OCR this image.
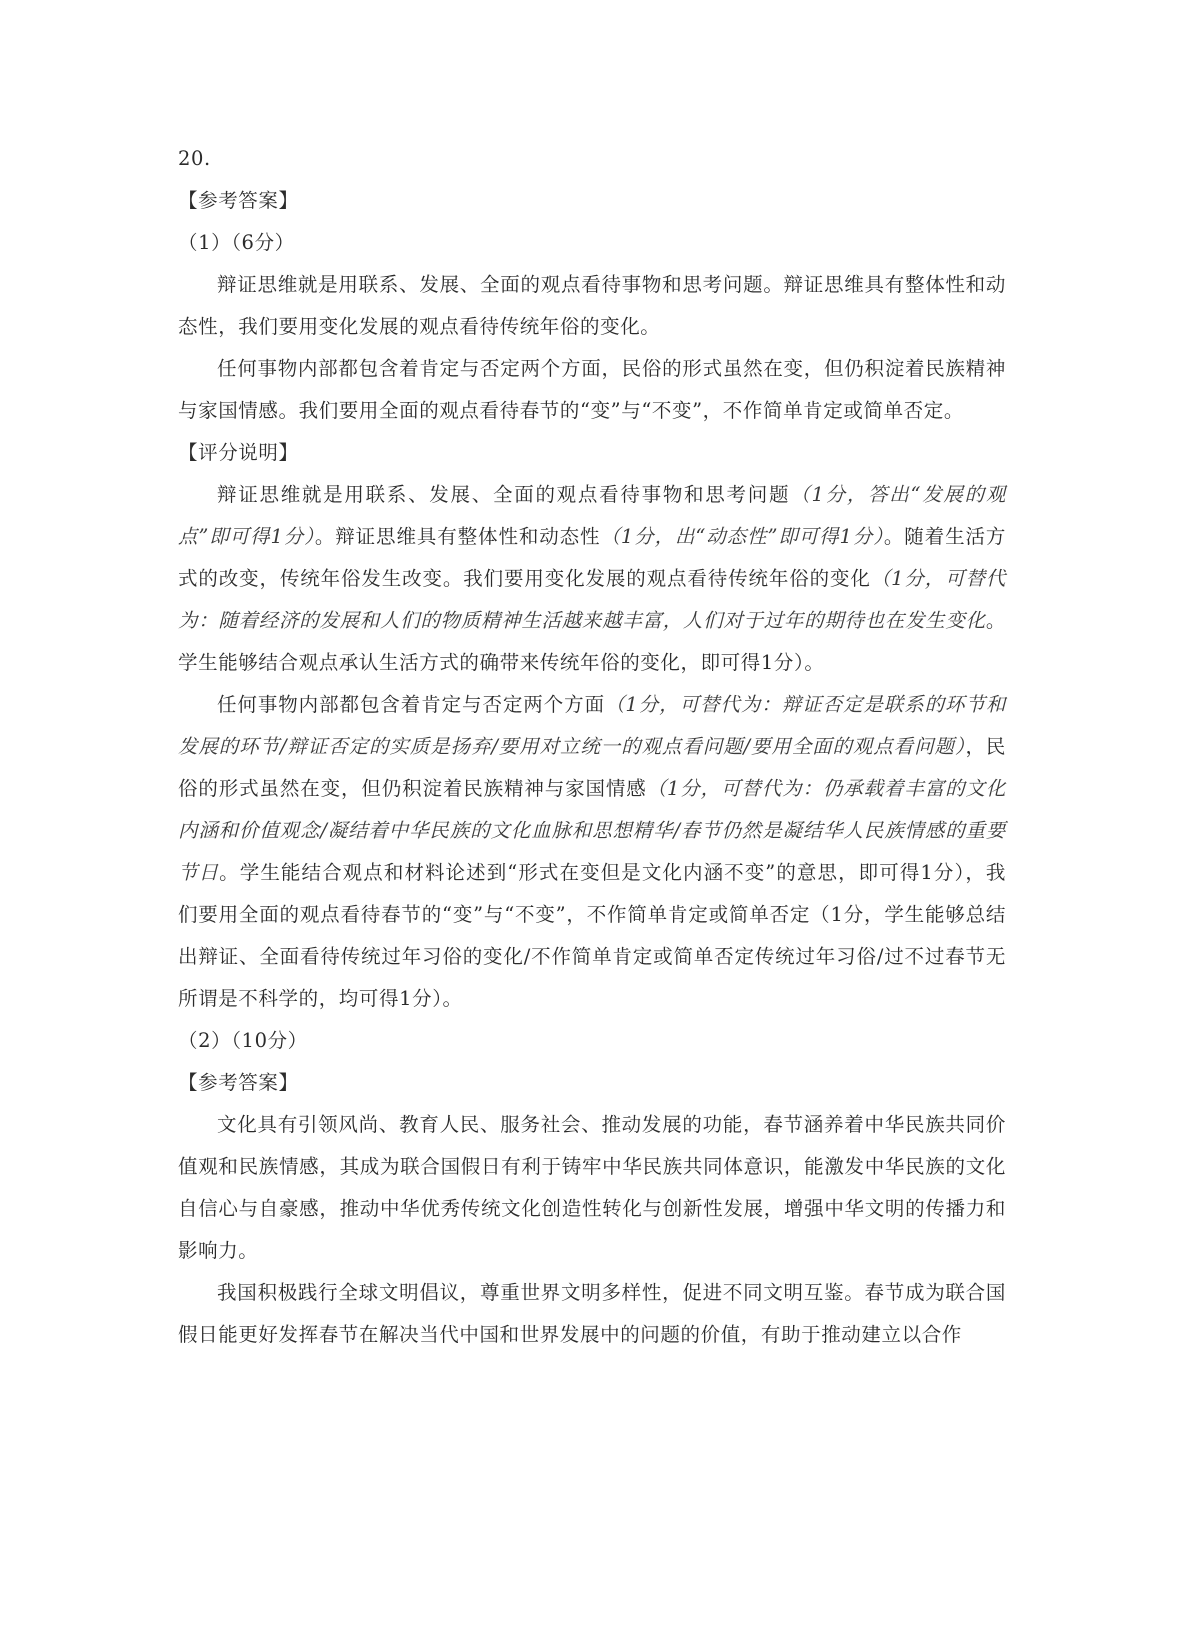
20.

【参考答案】

（1）（6分）

辩证思维就是用联系、发展、全面的观点看待事物和思考问题。辩证思维具有整体性和动态性，我们要用变化发展的观点看待传统年俗的变化。

任何事物内部都包含着肯定与否定两个方面，民俗的形式虽然在变，但仍积淀着民族精神与家国情感。我们要用全面的观点看待春节的“变”与“不变”，不作简单肯定或简单否定。

【评分说明】

辩证思维就是用联系、发展、全面的观点看待事物和思考问题（1分，答出“发展的观点”即可得1分）。辩证思维具有整体性和动态性（1分，出“动态性”即可得1分）。随着生活方式的改变，传统年俗发生改变。我们要用变化发展的观点看待传统年俗的变化（1分，可替代为：随着经济的发展和人们的物质精神生活越来越丰富，人们对于过年的期待也在发生变化。学生能够结合观点承认生活方式的确带来传统年俗的变化，即可得1分）。

任何事物内部都包含着肯定与否定两个方面（1分，可替代为：辩证否定是联系的环节和发展的环节/辩证否定的实质是扬弃/要用对立统一的观点看问题/要用全面的观点看问题），民俗的形式虽然在变，但仍积淀着民族精神与家国情感（1分，可替代为：仍承载着丰富的文化内涵和价值观念/凝结着中华民族的文化血脉和思想精华/春节仍然是凝结华人民族情感的重要节日。学生能结合观点和材料论述到“形式在变但是文化内涵不变”的意思，即可得1分），我们要用全面的观点看待春节的“变”与“不变”，不作简单肯定或简单否定（1分，学生能够总结出辩证、全面看待传统过年习俗的变化/不作简单肯定或简单否定传统过年习俗/过不过春节无所谓是不科学的，均可得1分）。

（2）（10分）

【参考答案】

文化具有引领风尚、教育人民、服务社会、推动发展的功能，春节涵养着中华民族共同价值观和民族情感，其成为联合国假日有利于铸牢中华民族共同体意识，能激发中华民族的文化自信心与自豪感，推动中华优秀传统文化创造性转化与创新性发展，增强中华文明的传播力和影响力。

我国积极践行全球文明倡议，尊重世界文明多样性，促进不同文明互鉴。春节成为联合国假日能更好发挥春节在解决当代中国和世界发展中的问题的价值，有助于推动建立以合作
